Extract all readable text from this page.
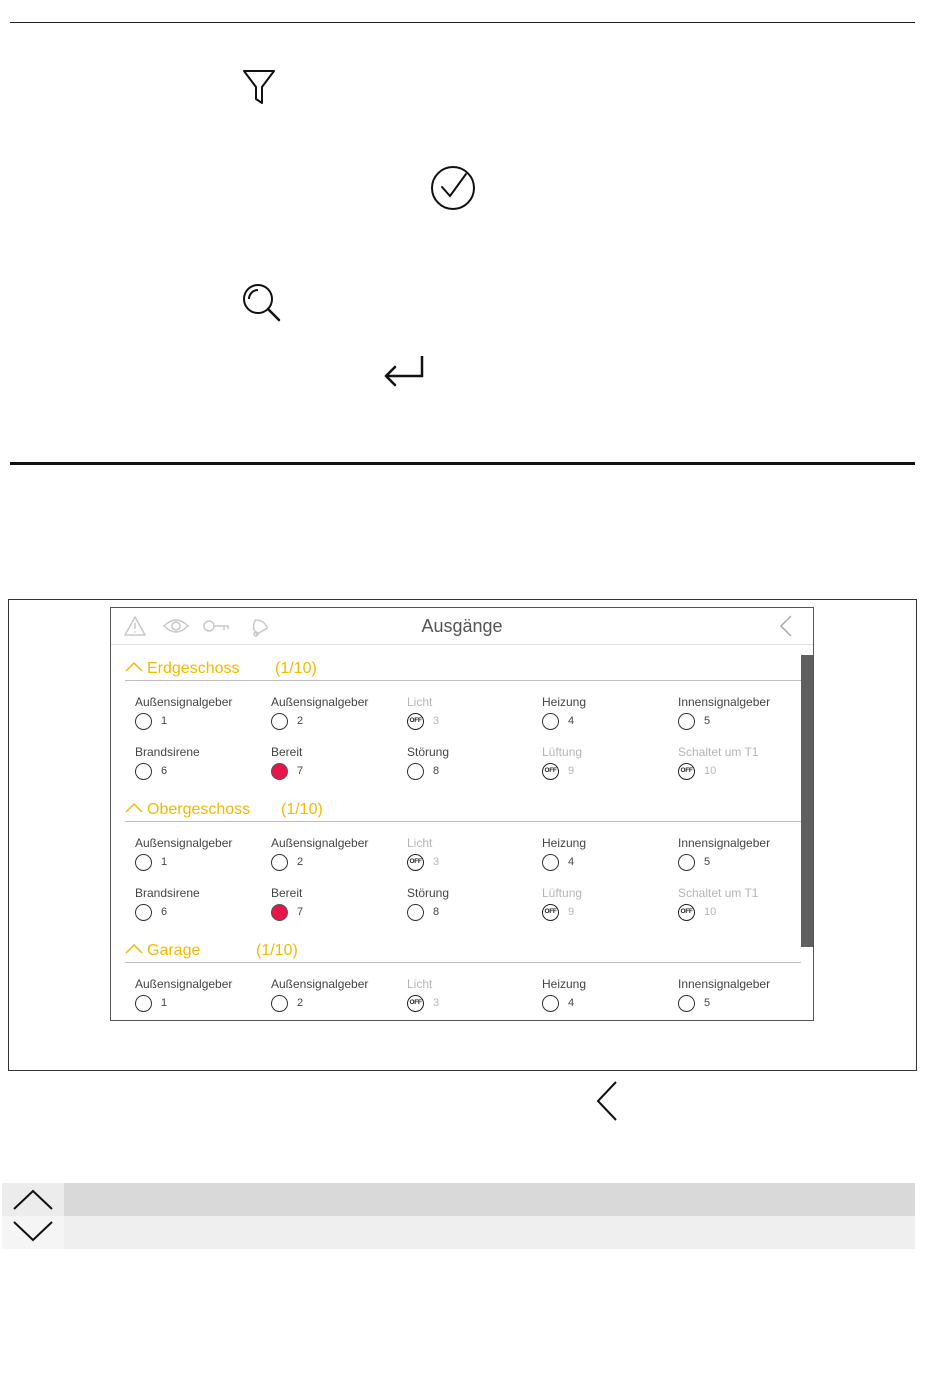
Ausgänge
Erdgeschoss (1/10)
Außensignalgeber
1
Außensignalgeber
2
Licht
OFF 3
Heizung
4
Innensignalgeber
5
Brandsirene
6
Bereit
7
Störung
8
Lüftung
OFF 9
Schaltet um T1
OFF 10
Obergeschoss (1/10)
Außensignalgeber
1
Außensignalgeber
2
Licht
OFF 3
Heizung
4
Innensignalgeber
5
Brandsirene
6
Bereit
7
Störung
8
Lüftung
OFF 9
Schaltet um T1
OFF 10
Garage	(1/10)
Außensignalgeber
1
Außensignalgeber
2
Licht
OFF 3
Heizung
4
Innensignalgeber
5
